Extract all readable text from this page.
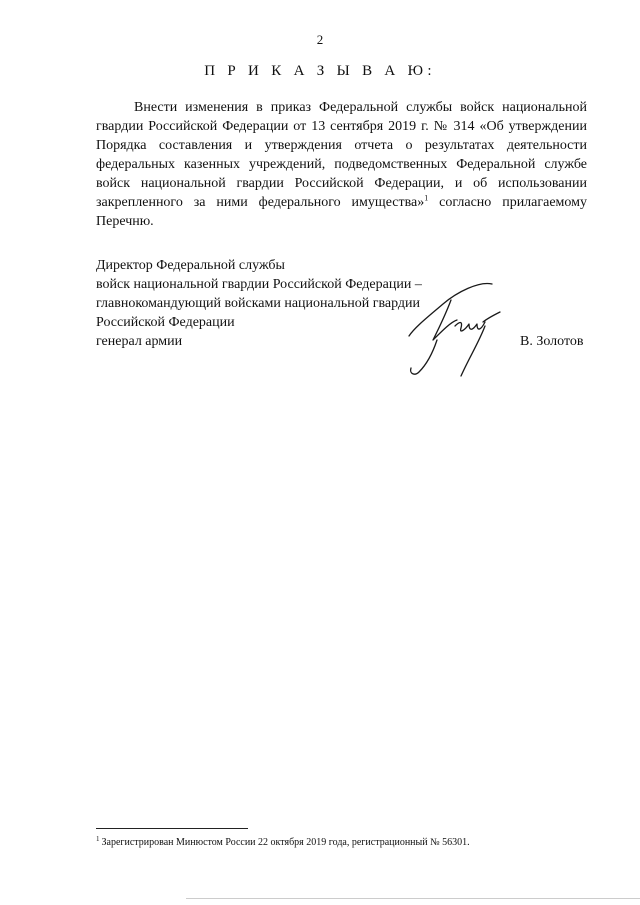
2
П Р И К А З Ы В А Ю:
Внести изменения в приказ Федеральной службы войск национальной гвардии Российской Федерации от 13 сентября 2019 г. № 314 «Об утверждении Порядка составления и утверждения отчета о результатах деятельности федеральных казенных учреждений, подведомственных Федеральной службе войск национальной гвардии Российской Федерации, и об использовании закрепленного за ними федерального имущества»$^1$ согласно прилагаемому Перечню.
Директор Федеральной службы
войск национальной гвардии Российской Федерации –
главнокомандующий войсками национальной гвардии
Российской Федерации
генерал армии	В. Золотов
$^1$ Зарегистрирован Минюстом России 22 октября 2019 года, регистрационный № 56301.
